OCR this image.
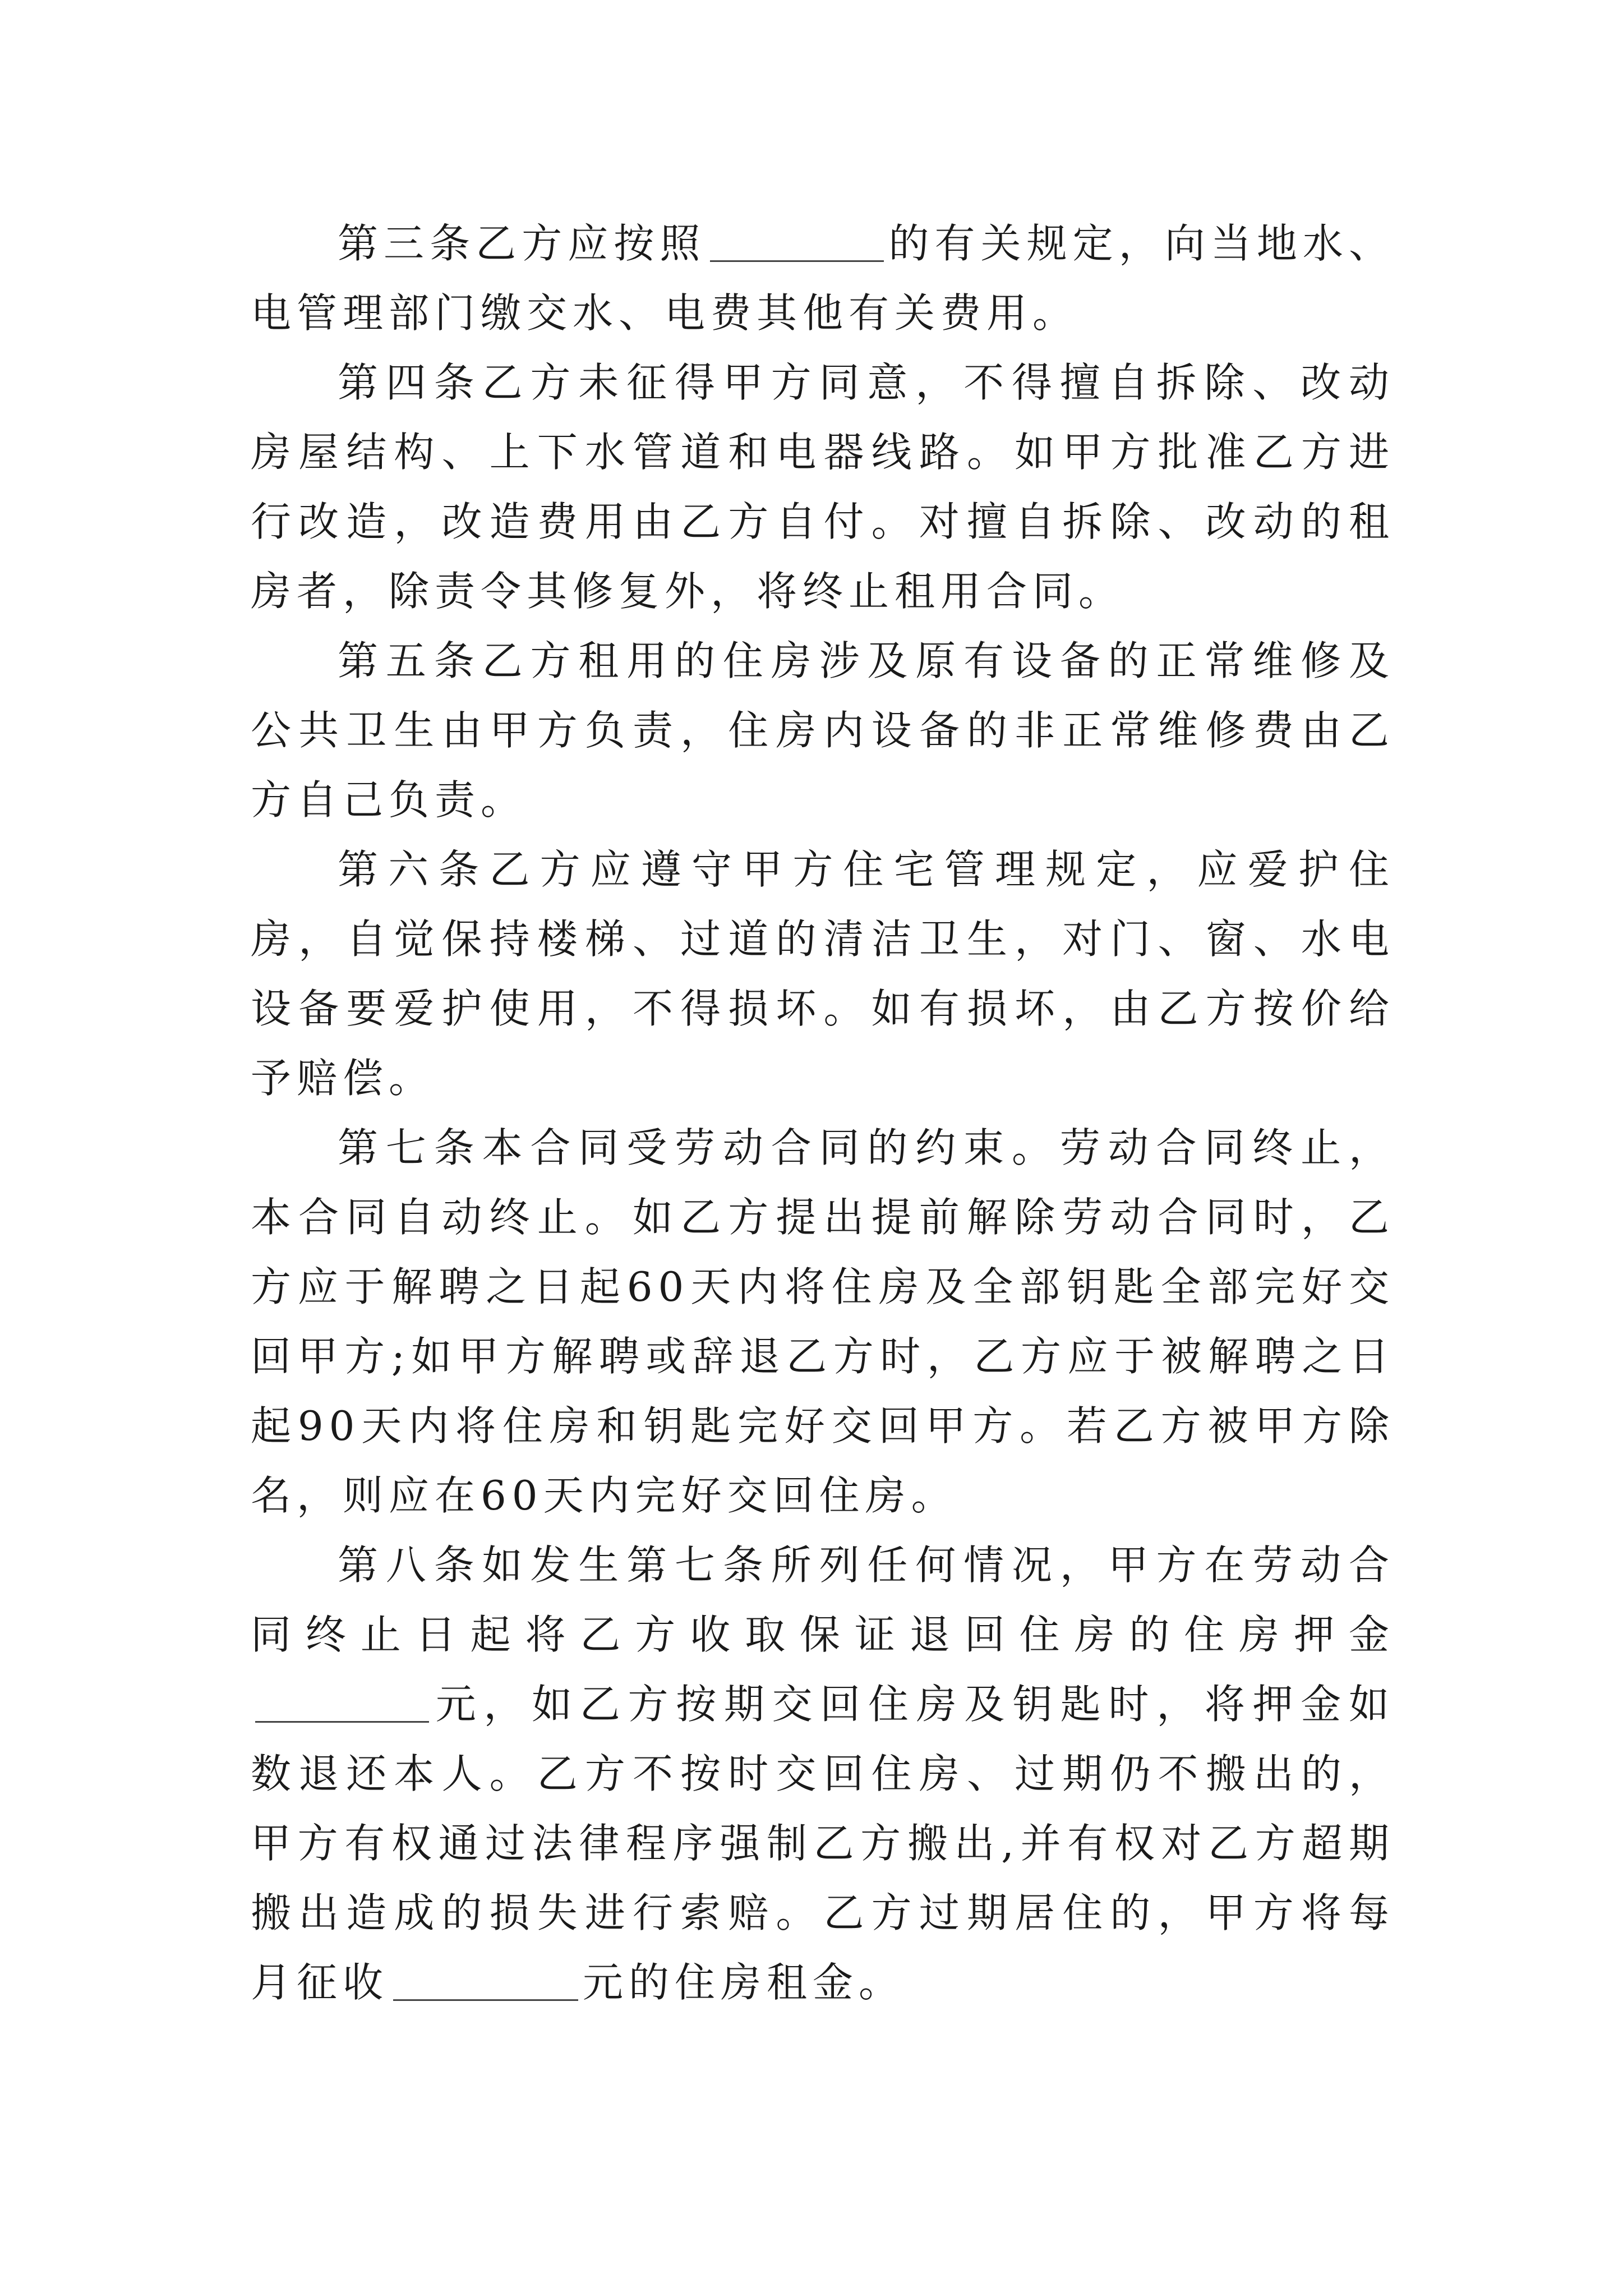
第三条乙方应按照	的有关规定，向当地水、电管理部门缴交水、电费其他有关费用。

第四条乙方未征得甲方同意，不得擅自拆除、改动房屋结构、上下水管道和电器线路。如甲方批准乙方进行改造，改造费用由乙方自付。对擅自拆除、改动的租房者，除责令其修复外，将终止租用合同。

第五条乙方租用的住房涉及原有设备的正常维修及公共卫生由甲方负责，住房内设备的非正常维修费由乙方自己负责。

第六条乙方应遵守甲方住宅管理规定，应爱护住房，自觉保持楼梯、过道的清洁卫生，对门、窗、水电设备要爱护使用，不得损坏。如有损坏，由乙方按价给予赔偿。

第七条本合同受劳动合同的约束。劳动合同终止，本合同自动终止。如乙方提出提前解除劳动合同时，乙方应于解聘之日起60天内将住房及全部钥匙全部完好交回甲方;如甲方解聘或辞退乙方时，乙方应于被解聘之日起90天内将住房和钥匙完好交回甲方。若乙方被甲方除名，则应在60天内完好交回住房。

第八条如发生第七条所列任何情况，甲方在劳动合同终止日起将乙方收取保证退回住房的住房押金元，如乙方按期交回住房及钥匙时，将押金如数退还本人。乙方不按时交回住房、过期仍不搬出的，甲方有权通过法律程序强制乙方搬出,并有权对乙方超期搬出造成的损失进行索赔。乙方过期居住的，甲方将每月征收	元的住房租金。
